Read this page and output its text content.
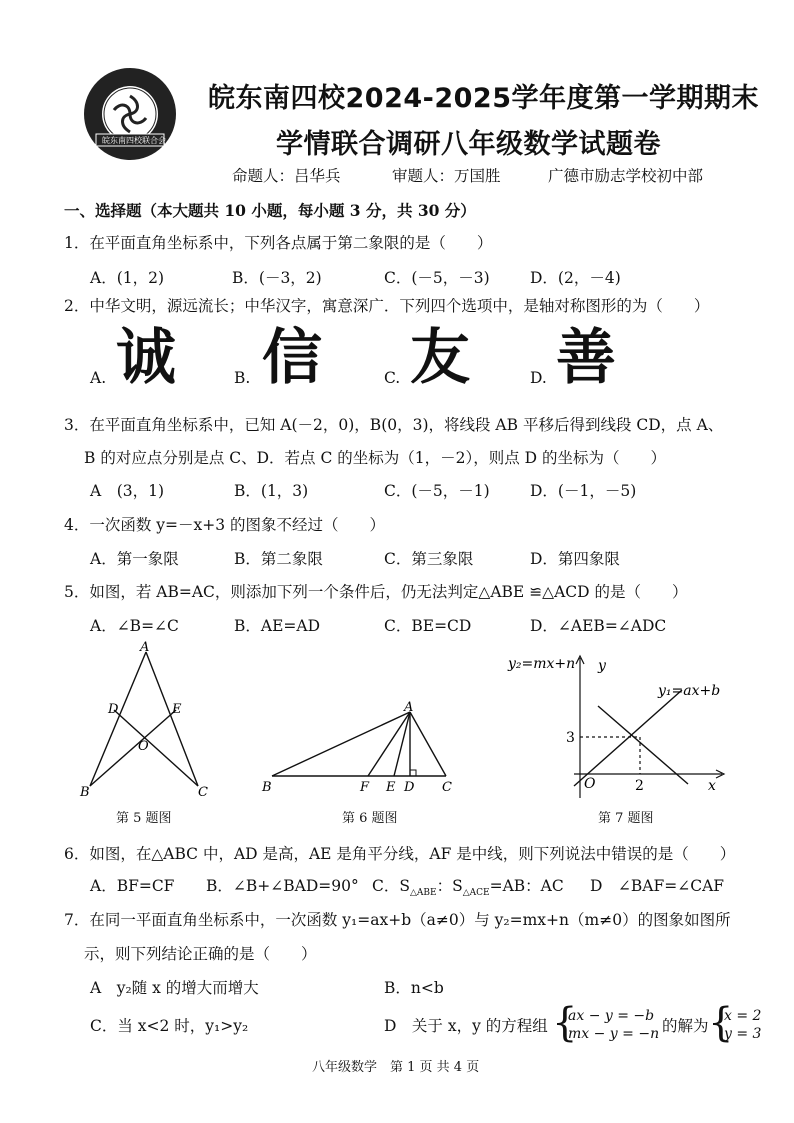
皖东南四校联合会
皖东南四校2024-2025学年度第一学期期末
学情联合调研八年级数学试题卷
命题人：吕华兵	审题人：万国胜	广德市励志学校初中部
一、选择题（本大题共 10 小题，每小题 3 分，共 30 分）
1．在平面直角坐标系中，下列各点属于第二象限的是（　　）
A．(1，2)	B．(－3，2)	C．(－5，－3)	D．(2，－4)
2．中华文明，源远流长；中华汉字，寓意深广．下列四个选项中，是轴对称图形的为（　　）
A. 诚	B. 信	C. 友	D. 善
3．在平面直角坐标系中，已知 A(－2，0)，B(0，3)，将线段 AB 平移后得到线段 CD，点 A、
B 的对应点分别是点 C、D．若点 C 的坐标为（1，－2），则点 D 的坐标为（　　）
A　(3，1)	B．(1，3)	C．(－5，－1)	D．(－1，－5)
4．一次函数 y=－x+3 的图象不经过（　　）
A．第一象限	B．第二象限	C．第三象限	D．第四象限
5．如图，若 AB=AC，则添加下列一个条件后，仍无法判定△ABE ≌△ACD 的是（　　）
A．∠B=∠C	B．AE=AD	C．BE=CD	D．∠AEB=∠ADC
A
D	E
O
B	C
第 5 题图
A
B	F E D C
第 6 题图
y₂=mx+n
y₁=ax+b
y
x
O
3
2
第 7 题图
6．如图，在△ABC 中，AD 是高，AE 是角平分线，AF 是中线，则下列说法中错误的是（　　）
A．BF=CF B．∠B+∠BAD=90° C．$S_{\triangle ABE}$：$S_{\triangle ACE}=AB$：AC D　∠BAF=∠CAF
7．在同一平面直角坐标系中，一次函数 y₁=ax+b（a≠0）与 y₂=mx+n（m≠0）的图象如图所
示，则下列结论正确的是（　　）
A　y₂随 x 的增大而增大	B．n<b
C．当 x<2 时，y₁>y₂	D　关于 x，y 的方程组 {
ax − y = −b
mx − y = −n 的解为 {
x = 2
y = 3
八年级数学　第 1 页 共 4 页
